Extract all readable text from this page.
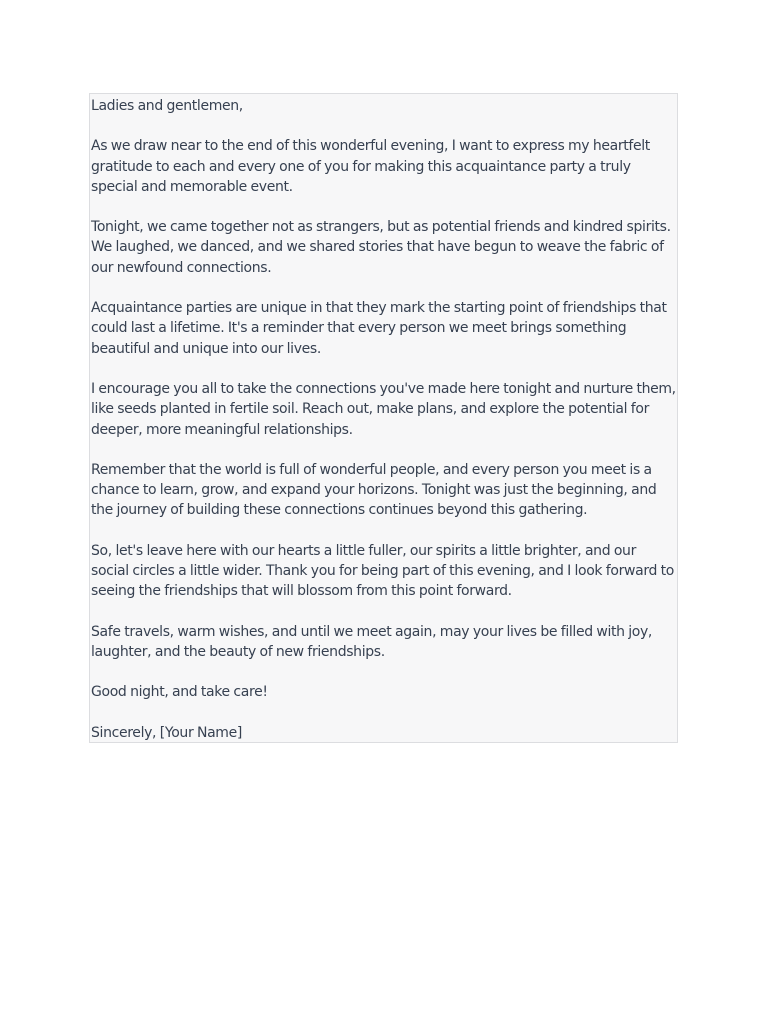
Ladies and gentlemen,

As we draw near to the end of this wonderful evening, I want to express my heartfelt gratitude to each and every one of you for making this acquaintance party a truly special and memorable event.

Tonight, we came together not as strangers, but as potential friends and kindred spirits. We laughed, we danced, and we shared stories that have begun to weave the fabric of our newfound connections.

Acquaintance parties are unique in that they mark the starting point of friendships that could last a lifetime. It's a reminder that every person we meet brings something beautiful and unique into our lives.

I encourage you all to take the connections you've made here tonight and nurture them, like seeds planted in fertile soil. Reach out, make plans, and explore the potential for deeper, more meaningful relationships.

Remember that the world is full of wonderful people, and every person you meet is a chance to learn, grow, and expand your horizons. Tonight was just the beginning, and the journey of building these connections continues beyond this gathering.

So, let's leave here with our hearts a little fuller, our spirits a little brighter, and our social circles a little wider. Thank you for being part of this evening, and I look forward to seeing the friendships that will blossom from this point forward.

Safe travels, warm wishes, and until we meet again, may your lives be filled with joy, laughter, and the beauty of new friendships.

Good night, and take care!

Sincerely, [Your Name]
